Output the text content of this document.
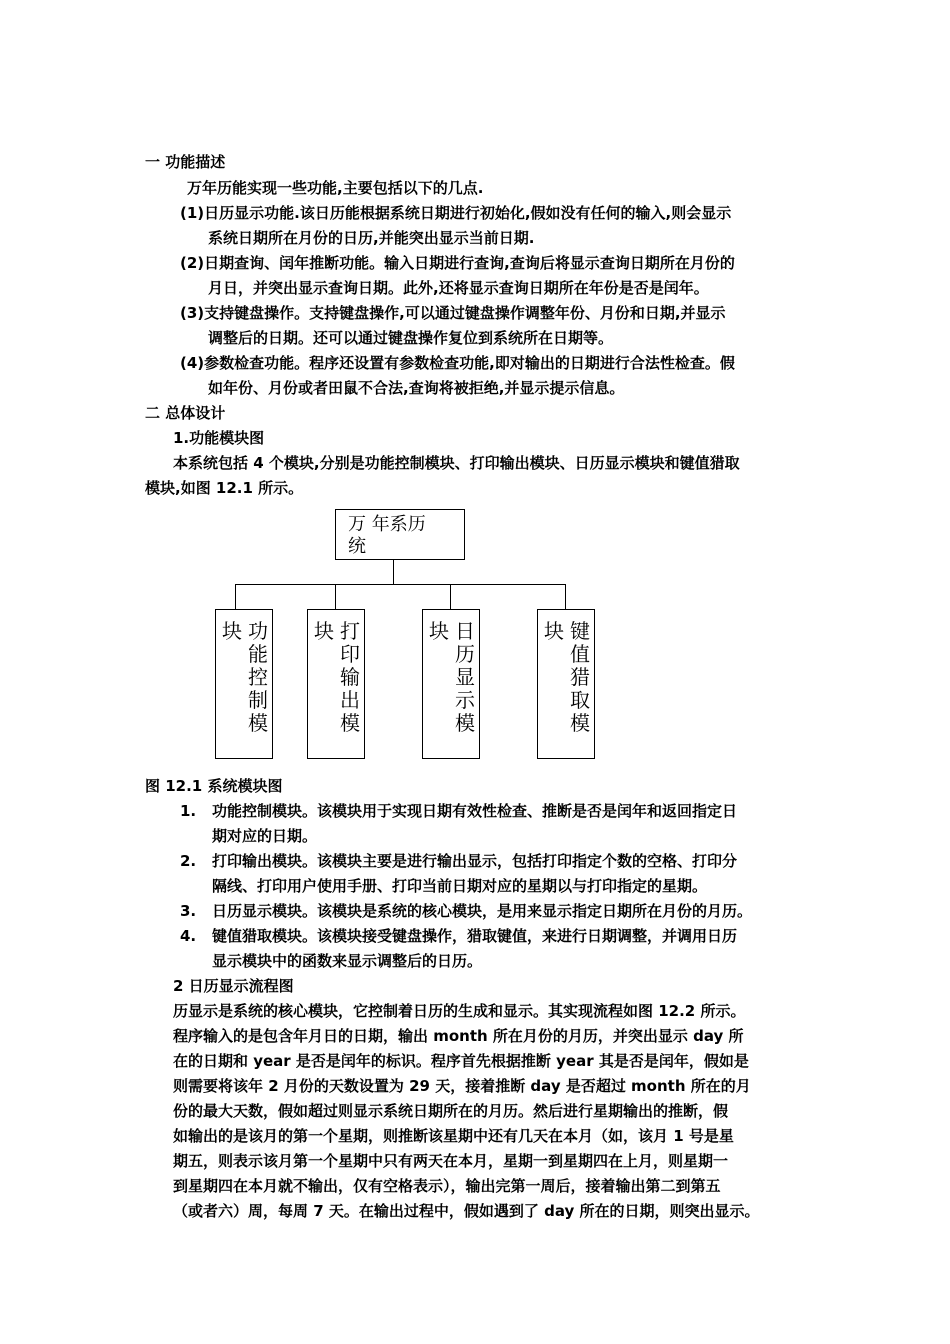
一 功能描述
万年历能实现一些功能,主要包括以下的几点.
(1)日历显示功能.该日历能根据系统日期进行初始化,假如没有任何的输入,则会显示
系统日期所在月份的日历,并能突出显示当前日期.
(2)日期查询、闰年推断功能。输入日期进行查询,查询后将显示查询日期所在月份的
月日，并突出显示查询日期。此外,还将显示查询日期所在年份是否是闰年。
(3)支持键盘操作。支持键盘操作,可以通过键盘操作调整年份、月份和日期,并显示
调整后的日期。还可以通过键盘操作复位到系统所在日期等。
(4)参数检查功能。程序还设置有参数检查功能,即对输出的日期进行合法性检查。假
如年份、月份或者田鼠不合法,查询将被拒绝,并显示提示信息。
二 总体设计
1.功能模块图
本系统包括 4 个模块,分别是功能控制模块、打印输出模块、日历显示模块和键值猎取
模块,如图 12.1 所示。
万 年系历
统
块 功能控制模
块 打印输出模
块 日历显示模
块 键值猎取模
图 12.1 系统模块图
1. 功能控制模块。该模块用于实现日期有效性检查、推断是否是闰年和返回指定日
期对应的日期。
2. 打印输出模块。该模块主要是进行输出显示，包括打印指定个数的空格、打印分
隔线、打印用户使用手册、打印当前日期对应的星期以与打印指定的星期。
3. 日历显示模块。该模块是系统的核心模块，是用来显示指定日期所在月份的月历。
4. 键值猎取模块。该模块接受键盘操作，猎取键值，来进行日期调整，并调用日历
显示模块中的函数来显示调整后的日历。
2 日历显示流程图
历显示是系统的核心模块，它控制着日历的生成和显示。其实现流程如图 12.2 所示。
程序输入的是包含年月日的日期，输出 month 所在月份的月历，并突出显示 day 所
在的日期和 year 是否是闰年的标识。程序首先根据推断 year 其是否是闰年，假如是
则需要将该年 2 月份的天数设置为 29 天，接着推断 day 是否超过 month 所在的月
份的最大天数，假如超过则显示系统日期所在的月历。然后进行星期输出的推断，假
如输出的是该月的第一个星期，则推断该星期中还有几天在本月（如，该月 1 号是星
期五，则表示该月第一个星期中只有两天在本月，星期一到星期四在上月，则星期一
到星期四在本月就不输出，仅有空格表示），输出完第一周后，接着输出第二到第五
（或者六）周，每周 7 天。在输出过程中，假如遇到了 day 所在的日期，则突出显示。
